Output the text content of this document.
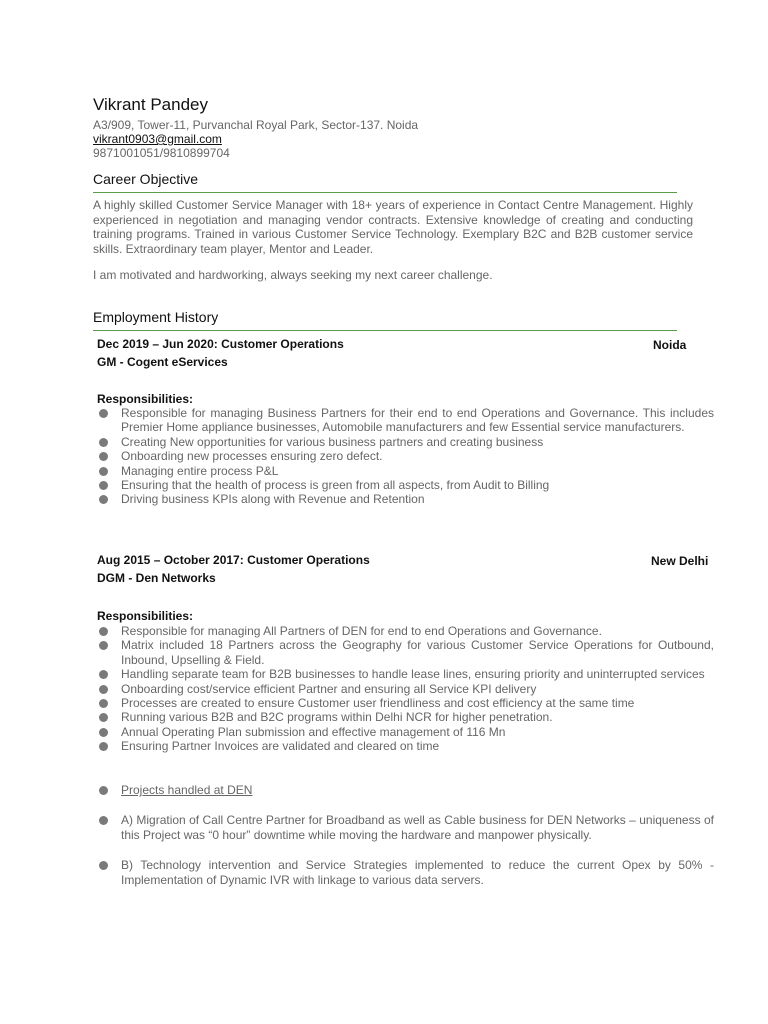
Vikrant Pandey
A3/909, Tower-11, Purvanchal Royal Park, Sector-137. Noida
vikrant0903@gmail.com
9871001051/9810899704
Career Objective
A highly skilled Customer Service Manager with 18+ years of experience in Contact Centre Management. Highly experienced in negotiation and managing vendor contracts. Extensive knowledge of creating and conducting training programs. Trained in various Customer Service Technology. Exemplary B2C and B2B customer service skills. Extraordinary team player, Mentor and Leader.
I am motivated and hardworking, always seeking my next career challenge.
Employment History
Dec 2019 – Jun 2020: Customer Operations	Noida
GM - Cogent eServices
Responsibilities:
Responsible for managing Business Partners for their end to end Operations and Governance. This includes Premier Home appliance businesses, Automobile manufacturers and few Essential service manufacturers.
Creating New opportunities for various business partners and creating business
Onboarding new processes ensuring zero defect.
Managing entire process P&L
Ensuring that the health of process is green from all aspects, from Audit to Billing
Driving business KPIs along with Revenue and Retention
Aug 2015 – October 2017: Customer Operations	New Delhi
DGM - Den Networks
Responsibilities:
Responsible for managing All Partners of DEN for end to end Operations and Governance.
Matrix included 18 Partners across the Geography for various Customer Service Operations for Outbound, Inbound, Upselling & Field.
Handling separate team for B2B businesses to handle lease lines, ensuring priority and uninterrupted services
Onboarding cost/service efficient Partner and ensuring all Service KPI delivery
Processes are created to ensure Customer user friendliness and cost efficiency at the same time
Running various B2B and B2C programs within Delhi NCR for higher penetration.
Annual Operating Plan submission and effective management of 116 Mn
Ensuring Partner Invoices are validated and cleared on time
Projects handled at DEN
A) Migration of Call Centre Partner for Broadband as well as Cable business for DEN Networks – uniqueness of this Project was “0 hour” downtime while moving the hardware and manpower physically.
B) Technology intervention and Service Strategies implemented to reduce the current Opex by 50% - Implementation of Dynamic IVR with linkage to various data servers.
